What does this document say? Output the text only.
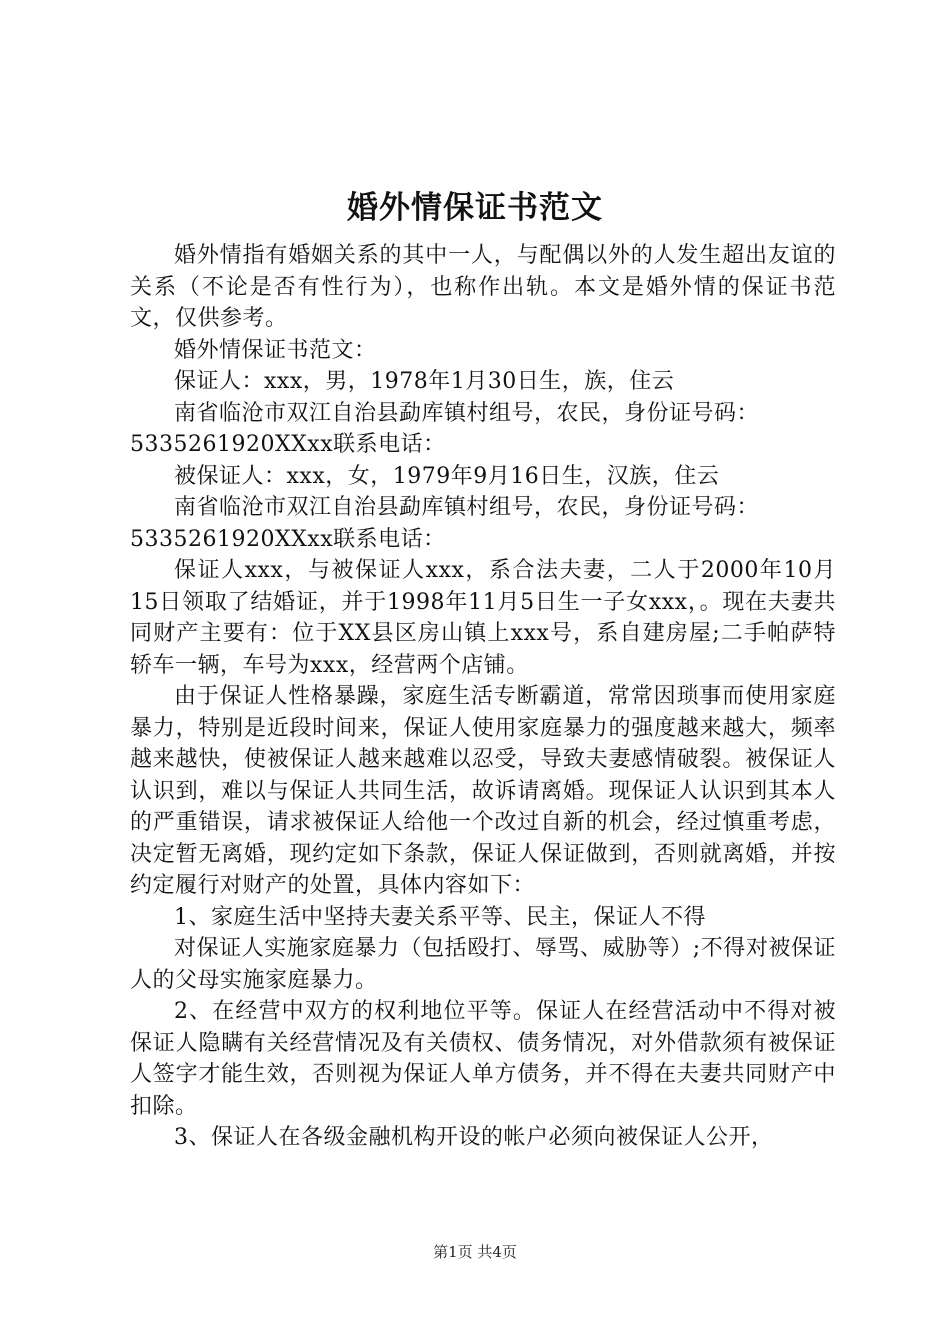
婚外情保证书范文

婚外情指有婚姻关系的其中一人，与配偶以外的人发生超出友谊的关系（不论是否有性行为），也称作出轨。本文是婚外情的保证书范文，仅供参考。

婚外情保证书范文：

保证人：xxx，男，1978年1月30日生，族，住云

南省临沧市双江自治县勐库镇村组号，农民，身份证号码：

5335261920XXxx联系电话：

被保证人：xxx，女，1979年9月16日生，汉族，住云

南省临沧市双江自治县勐库镇村组号，农民，身份证号码：

5335261920XXxx联系电话：

保证人xxx，与被保证人xxx，系合法夫妻，二人于2000年10月15日领取了结婚证，并于1998年11月5日生一子女xxx，。现在夫妻共同财产主要有：位于XX县区房山镇上xxx号，系自建房屋;二手帕萨特轿车一辆，车号为xxx，经营两个店铺。

由于保证人性格暴躁，家庭生活专断霸道，常常因琐事而使用家庭暴力，特别是近段时间来，保证人使用家庭暴力的强度越来越大，频率越来越快，使被保证人越来越难以忍受，导致夫妻感情破裂。被保证人认识到，难以与保证人共同生活，故诉请离婚。现保证人认识到其本人的严重错误，请求被保证人给他一个改过自新的机会，经过慎重考虑，决定暂无离婚，现约定如下条款，保证人保证做到，否则就离婚，并按约定履行对财产的处置，具体内容如下：

1、家庭生活中坚持夫妻关系平等、民主，保证人不得

对保证人实施家庭暴力（包括殴打、辱骂、威胁等）;不得对被保证人的父母实施家庭暴力。

2、在经营中双方的权利地位平等。保证人在经营活动中不得对被保证人隐瞒有关经营情况及有关债权、债务情况，对外借款须有被保证人签字才能生效，否则视为保证人单方债务，并不得在夫妻共同财产中扣除。

3、保证人在各级金融机构开设的帐户必须向被保证人公开，

第1页 共4页
